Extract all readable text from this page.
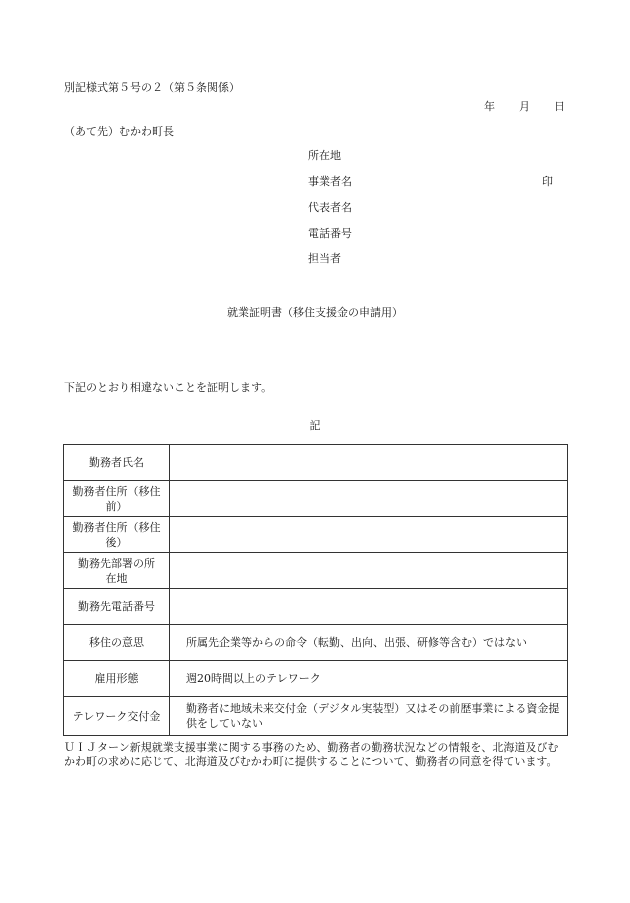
別記様式第５号の２（第５条関係）
年 月 日
（あて先）むかわ町長
所在地
事業者名	印
代表者名
電話番号
担当者
就業証明書（移住支援金の申請用）
下記のとおり相違ないことを証明します。
記
勤務者氏名	
勤務者住所（移住前）	
勤務者住所（移住後）	
勤務先部署の所在地	
勤務先電話番号	
移住の意思	所属先企業等からの命令（転勤、出向、出張、研修等含む）ではない
雇用形態	週20時間以上のテレワーク
テレワーク交付金	勤務者に地域未来交付金（デジタル実装型）又はその前歴事業による資金提供をしていない
ＵＩＪターン新規就業支援事業に関する事務のため、勤務者の勤務状況などの情報を、北海道及びむかわ町の求めに応じて、北海道及びむかわ町に提供することについて、勤務者の同意を得ています。
